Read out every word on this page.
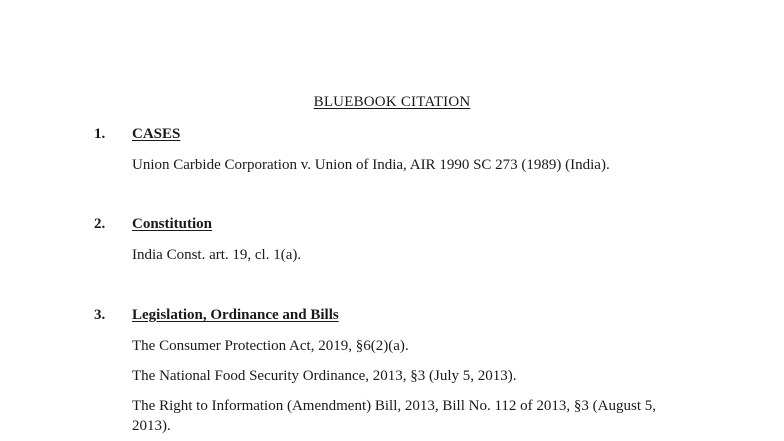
BLUEBOOK CITATION
1. CASES
Union Carbide Corporation v. Union of India, AIR 1990 SC 273 (1989) (India).
2. Constitution
India Const. art. 19, cl. 1(a).
3. Legislation, Ordinance and Bills
The Consumer Protection Act, 2019, §6(2)(a).
The National Food Security Ordinance, 2013, §3 (July 5, 2013).
The Right to Information (Amendment) Bill, 2013, Bill No. 112 of 2013, §3 (August 5, 2013).
